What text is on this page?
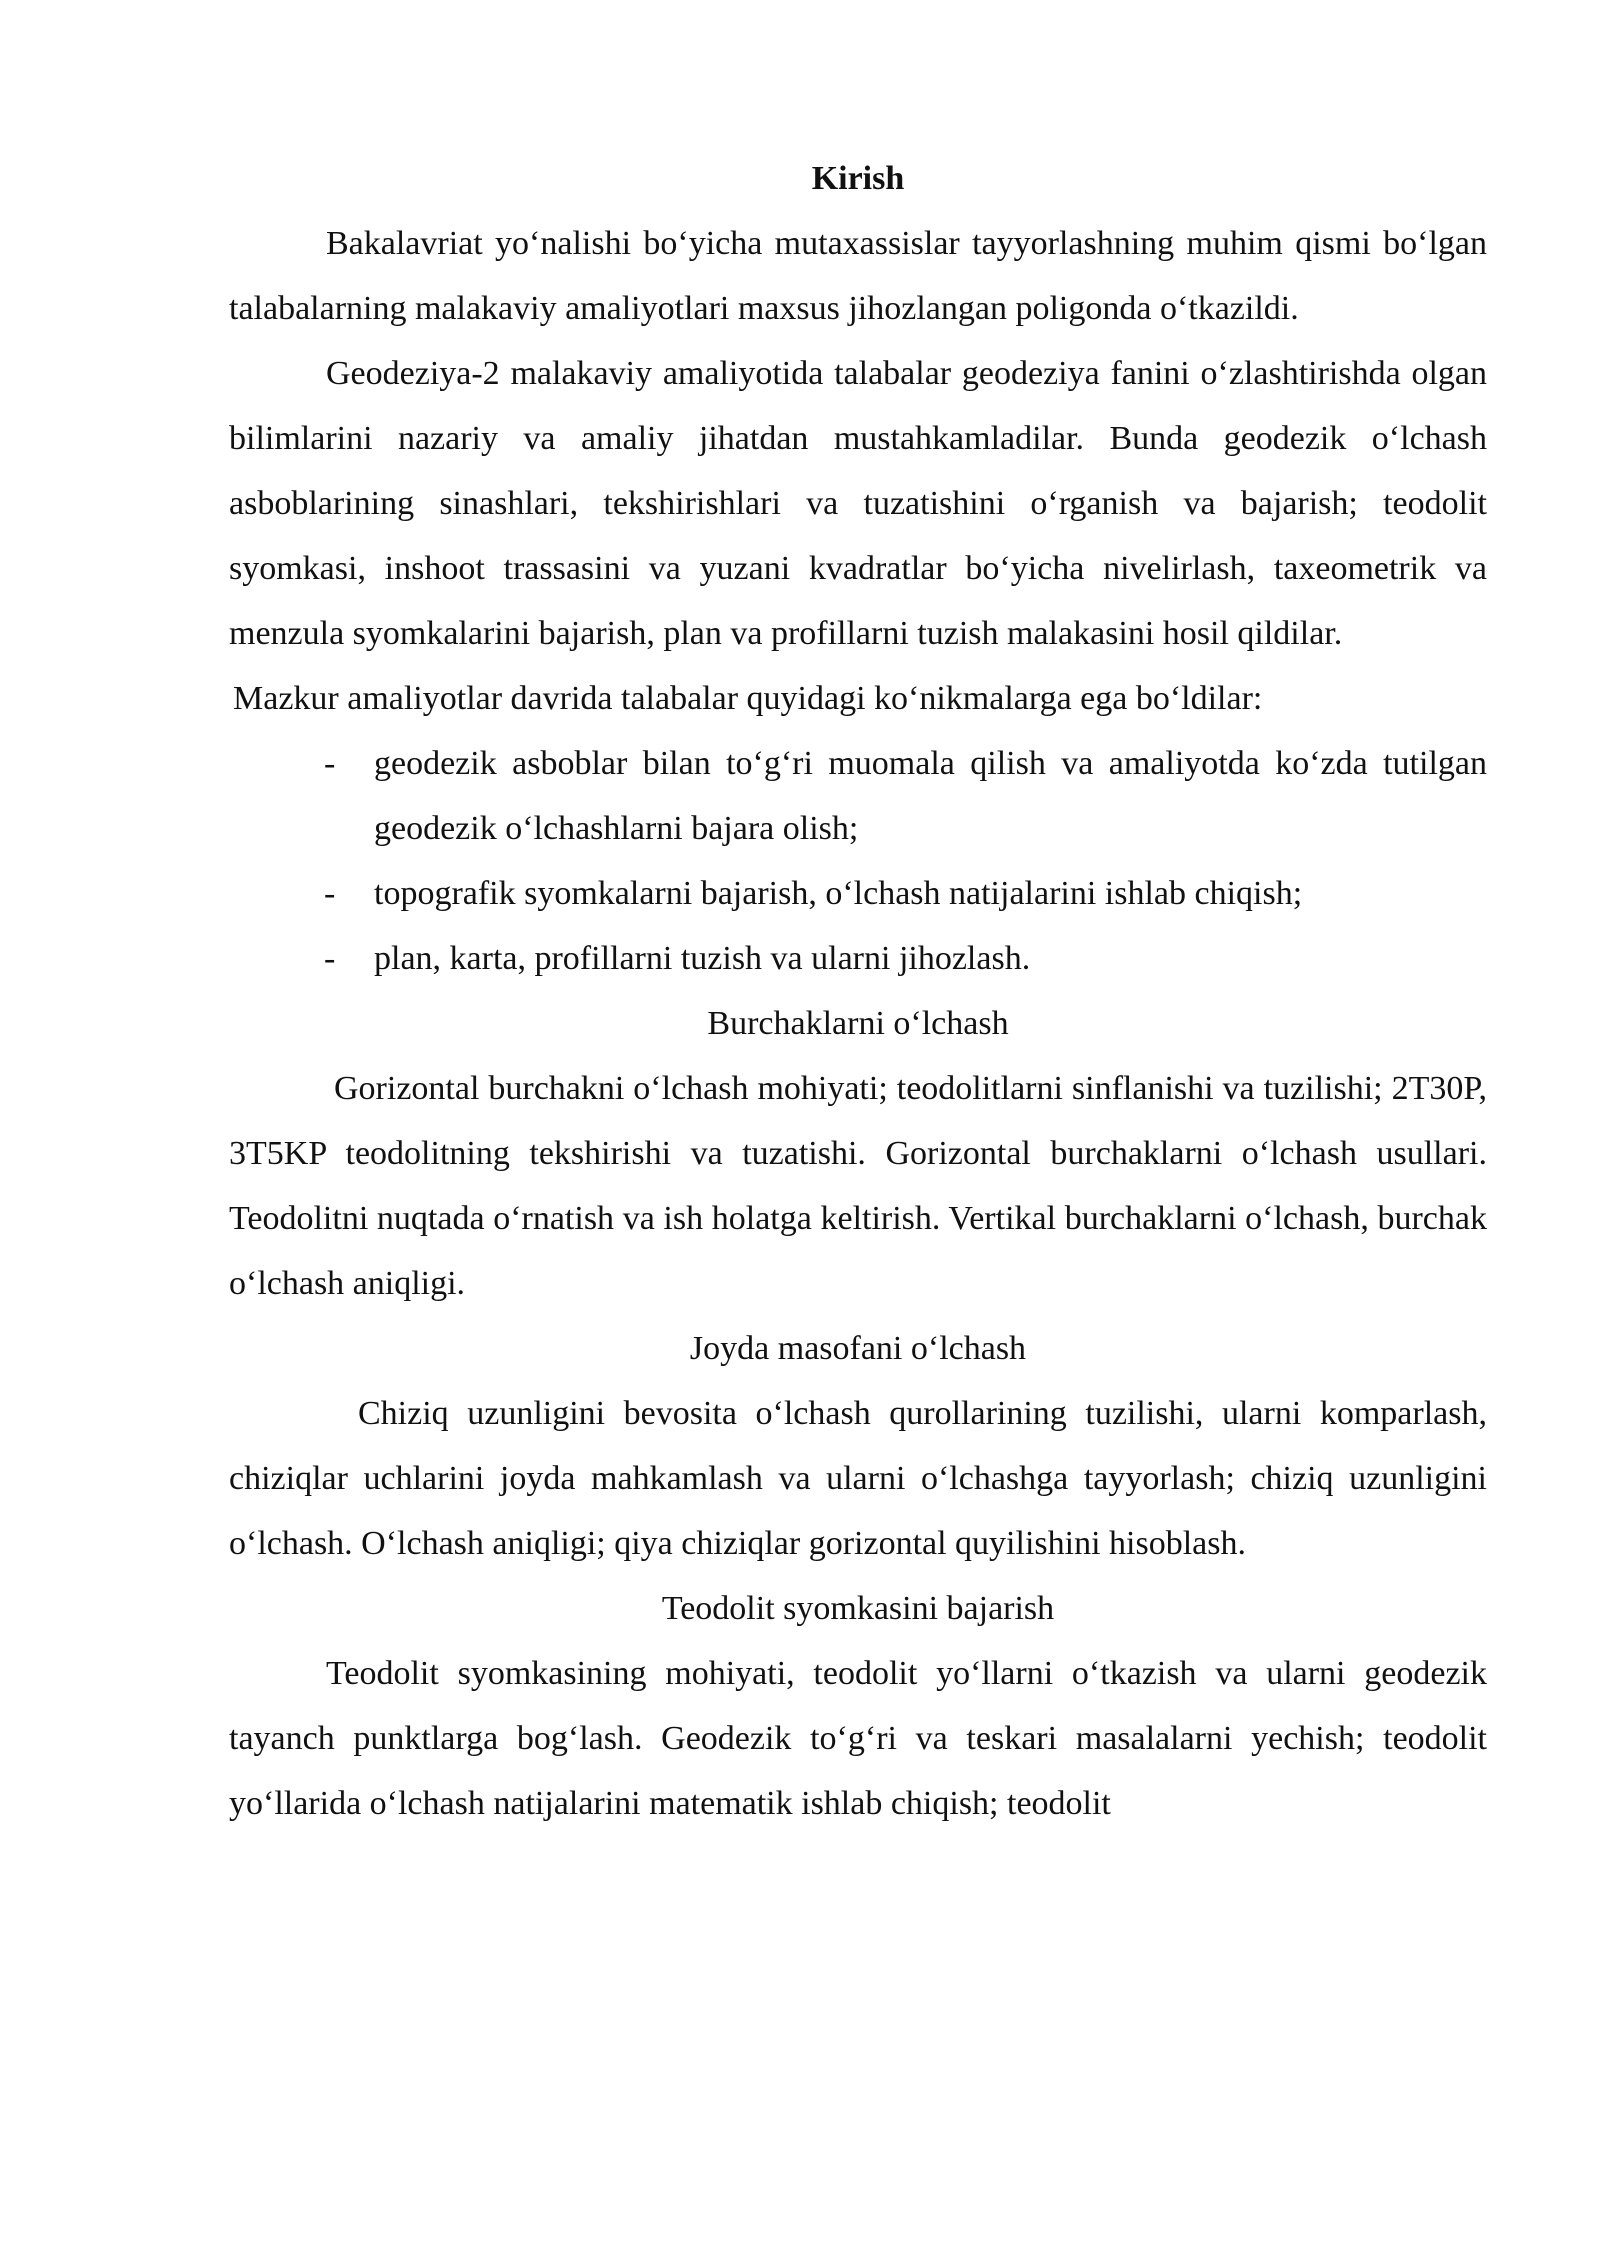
Kirish

Bakalavriat yo‘nalishi bo‘yicha mutaxassislar tayyorlashning muhim qismi bo‘lgan talabalarning malakaviy amaliyotlari maxsus jihozlangan poligonda o‘tkazildi.

Geodeziya-2 malakaviy amaliyotida talabalar geodeziya fanini o‘zlashtirishda olgan bilimlarini nazariy va amaliy jihatdan mustahkamladilar. Bunda geodezik o‘lchash asboblarining sinashlari, tekshirishlari va tuzatishini o‘rganish va bajarish; teodolit syomkasi, inshoot trassasini va yuzani kvadratlar bo‘yicha nivelirlash, taxeometrik va menzula syomkalarini bajarish, plan va profillarni tuzish malakasini hosil qildilar.

Mazkur amaliyotlar davrida talabalar quyidagi ko‘nikmalarga ega bo‘ldilar:

- geodezik asboblar bilan to‘g‘ri muomala qilish va amaliyotda ko‘zda tutilgan geodezik o‘lchashlarni bajara olish;
- topografik syomkalarni bajarish, o‘lchash natijalarini ishlab chiqish;
- plan, karta, profillarni tuzish va ularni jihozlash.
Burchaklarni o‘lchash

Gorizontal burchakni o‘lchash mohiyati; teodolitlarni sinflanishi va tuzilishi; 2T30P, 3T5KP teodolitning tekshirishi va tuzatishi. Gorizontal burchaklarni o‘lchash usullari. Teodolitni nuqtada o‘rnatish va ish holatga keltirish. Vertikal burchaklarni o‘lchash, burchak o‘lchash aniqligi.

Joyda masofani o‘lchash

Chiziq uzunligini bevosita o‘lchash qurollarining tuzilishi, ularni komparlash, chiziqlar uchlarini joyda mahkamlash va ularni o‘lchashga tayyorlash; chiziq uzunligini o‘lchash. O‘lchash aniqligi; qiya chiziqlar gorizontal quyilishini hisoblash.

Teodolit syomkasini bajarish

Teodolit syomkasining mohiyati, teodolit yo‘llarni o‘tkazish va ularni geodezik tayanch punktlarga bog‘lash. Geodezik to‘g‘ri va teskari masalalarni yechish; teodolit yo‘llarida o‘lchash natijalarini matematik ishlab chiqish; teodolit
